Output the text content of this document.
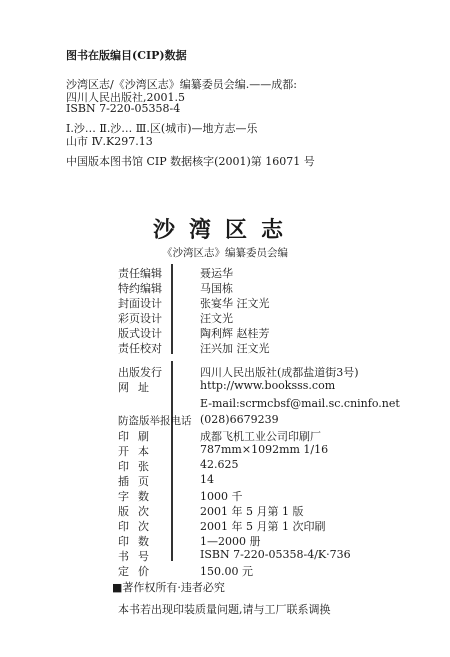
图书在版编目(CIP)数据
沙湾区志/《沙湾区志》编纂委员会编.——成都:
四川人民出版社,2001.5
ISBN 7-220-05358-4
Ⅰ.沙… Ⅱ.沙… Ⅲ.区(城市)—地方志—乐
山市 Ⅳ.K297.13
中国版本图书馆 CIP 数据核字(2001)第 16071 号
沙湾区志
《沙湾区志》编纂委员会编
责任编辑	聂运华
特约编辑	马国栋
封面设计	张宴华 汪文光
彩页设计	汪文光
版式设计	陶利辉 赵桂芳
责任校对	汪兴加 汪文光
出版发行	四川人民出版社(成都盐道街3号)
网址	http://www.booksss.com
E-mail:scrmcbsf@mail.sc.cninfo.net
防盗版举报电话 (028)6679239
印刷	成都飞机工业公司印刷厂
开本	787mm×1092mm 1/16
印张	42.625
插页	14
字数	1000 千
版次	2001 年 5 月第 1 版
印次	2001 年 5 月第 1 次印刷
印数	1—2000 册
书号	ISBN 7-220-05358-4/K·736
定价	150.00 元
■著作权所有·违者必究
本书若出现印装质量问题,请与工厂联系调换
